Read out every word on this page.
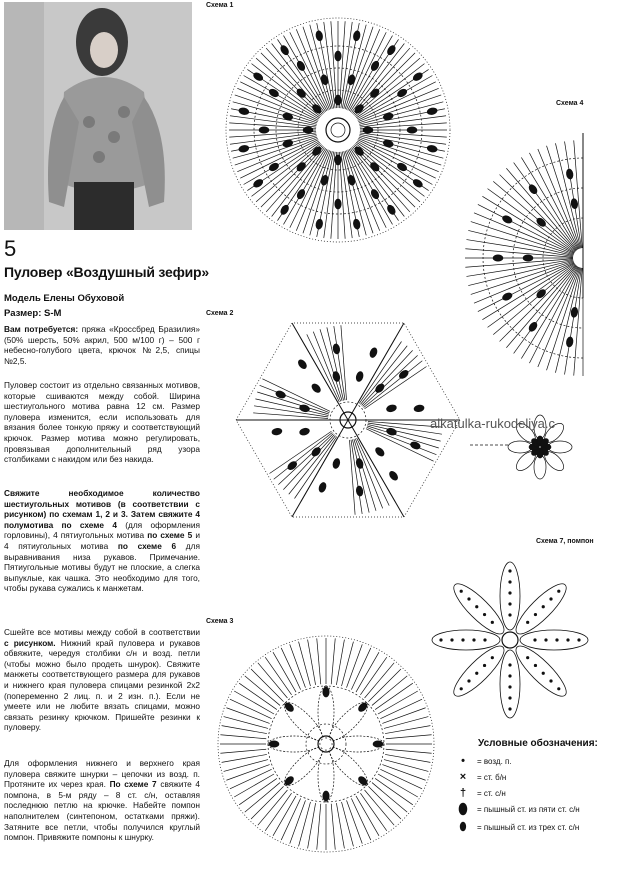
5
Пуловер «Воздушный зефир»
Модель Елены Обуховой
Размер: S-M
Вам потребуется: пряжа «Кроссбред Бразилия» (50% шерсть, 50% акрил, 500 м/100 г) – 500 г небесно-голубого цвета, крючок №2,5, спицы №2,5.
Пуловер состоит из отдельно связанных мотивов, которые сшиваются между собой. Ширина шестиугольного мотива равна 12 см. Размер пуловера изменится, если использовать для вязания более тонкую пряжу и соответствующий крючок. Размер мотива можно регулировать, провязывая дополнительный ряд узора столбиками с накидом или без накида.
Свяжите необходимое количество шестиугольных мотивов (в соответствии с рисунком) по схемам 1, 2 и 3. Затем свяжите 4 полумотива по схеме 4 (для оформления горловины), 4 пятиугольных мотива по схеме 5 и 4 пятиугольных мотива по схеме 6 для выравнивания низа рукавов. Примечание. Пятиугольные мотивы будут не плоские, а слегка выпуклые, как чашка. Это необходимо для того, чтобы рукава сужались к манжетам.
Сшейте все мотивы между собой в соответствии с рисунком. Нижний край пуловера и рукавов обвяжите, чередуя столбики с/н и возд. петли (чтобы можно было продеть шнурок). Свяжите манжеты соответствующего размера для рукавов и нижнего края пуловера спицами резинкой 2х2 (попеременно 2 лиц. п. и 2 изн. п.). Если не умеете или не любите вязать спицами, можно связать резинку крючком. Пришейте резинки к пуловеру.
Для оформления нижнего и верхнего края пуловера свяжите шнурки – цепочки из возд. п. Протяните их через края. По схеме 7 свяжите 4 помпона, в 5-м ряду – 8 ст. с/н, оставляя последнюю петлю на крючке. Набейте помпон наполнителем (синтепоном, остатками пряжи). Затяните все петли, чтобы получился круглый помпон. Привяжите помпоны к шнурку.
Схема 1
Схема 4
Схема 2
Схема 7, помпон
Схема 3
alkatulka-rukodeliya.c
Условные обозначения:
•	= возд. п.
×	= ст. б/н
†	= ст. с/н
⬮	= пышный ст. из пяти ст. с/н
⬮	= пышный ст. из трех ст. с/н
